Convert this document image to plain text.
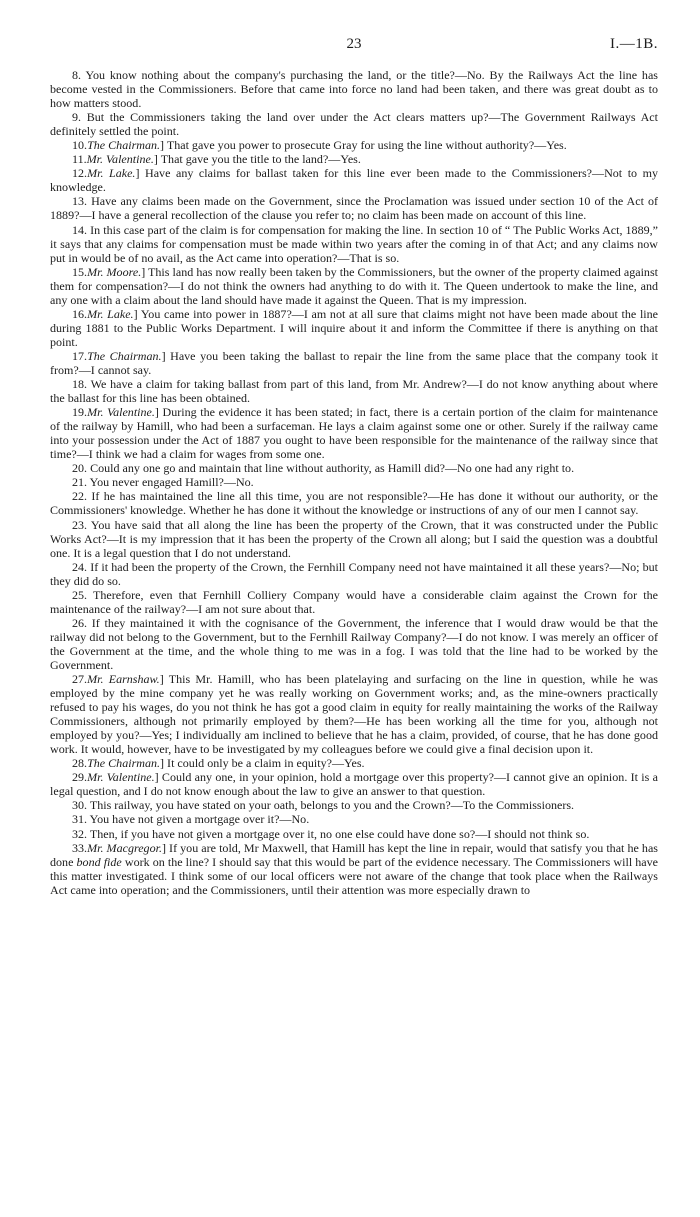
23	I.—1B.

8. You know nothing about the company's purchasing the land, or the title?—No. By the Railways Act the line has become vested in the Commissioners. Before that came into force no land had been taken, and there was great doubt as to how matters stood.

9. But the Commissioners taking the land over under the Act clears matters up?—The Government Railways Act definitely settled the point.

10.The Chairman.] That gave you power to prosecute Gray for using the line without authority?—Yes.

11.Mr. Valentine.] That gave you the title to the land?—Yes.

12.Mr. Lake.] Have any claims for ballast taken for this line ever been made to the Commissioners?—Not to my knowledge.

13. Have any claims been made on the Government, since the Proclamation was issued under section 10 of the Act of 1889?—I have a general recollection of the clause you refer to; no claim has been made on account of this line.

14. In this case part of the claim is for compensation for making the line. In section 10 of “ The Public Works Act, 1889,” it says that any claims for compensation must be made within two years after the coming in of that Act; and any claims now put in would be of no avail, as the Act came into operation?—That is so.

15.Mr. Moore.] This land has now really been taken by the Commissioners, but the owner of the property claimed against them for compensation?—I do not think the owners had anything to do with it. The Queen undertook to make the line, and any one with a claim about the land should have made it against the Queen. That is my impression.

16.Mr. Lake.] You came into power in 1887?—I am not at all sure that claims might not have been made about the line during 1881 to the Public Works Department. I will inquire about it and inform the Committee if there is anything on that point.

17.The Chairman.] Have you been taking the ballast to repair the line from the same place that the company took it from?—I cannot say.

18. We have a claim for taking ballast from part of this land, from Mr. Andrew?—I do not know anything about where the ballast for this line has been obtained.

19.Mr. Valentine.] During the evidence it has been stated; in fact, there is a certain portion of the claim for maintenance of the railway by Hamill, who had been a surfaceman. He lays a claim against some one or other. Surely if the railway came into your possession under the Act of 1887 you ought to have been responsible for the maintenance of the railway since that time?—I think we had a claim for wages from some one.

20. Could any one go and maintain that line without authority, as Hamill did?—No one had any right to.

21. You never engaged Hamill?—No.

22. If he has maintained the line all this time, you are not responsible?—He has done it without our authority, or the Commissioners' knowledge. Whether he has done it without the knowledge or instructions of any of our men I cannot say.

23. You have said that all along the line has been the property of the Crown, that it was constructed under the Public Works Act?—It is my impression that it has been the property of the Crown all along; but I said the question was a doubtful one. It is a legal question that I do not understand.

24. If it had been the property of the Crown, the Fernhill Company need not have maintained it all these years?—No; but they did do so.

25. Therefore, even that Fernhill Colliery Company would have a considerable claim against the Crown for the maintenance of the railway?—I am not sure about that.

26. If they maintained it with the cognisance of the Government, the inference that I would draw would be that the railway did not belong to the Government, but to the Fernhill Railway Company?—I do not know. I was merely an officer of the Government at the time, and the whole thing to me was in a fog. I was told that the line had to be worked by the Government.

27.Mr. Earnshaw.] This Mr. Hamill, who has been platelaying and surfacing on the line in question, while he was employed by the mine company yet he was really working on Government works; and, as the mine-owners practically refused to pay his wages, do you not think he has got a good claim in equity for really maintaining the works of the Railway Commissioners, although not primarily employed by them?—He has been working all the time for you, although not employed by you?—Yes; I individually am inclined to believe that he has a claim, provided, of course, that he has done good work. It would, however, have to be investigated by my colleagues before we could give a final decision upon it.

28.The Chairman.] It could only be a claim in equity?—Yes.

29.Mr. Valentine.] Could any one, in your opinion, hold a mortgage over this property?—I cannot give an opinion. It is a legal question, and I do not know enough about the law to give an answer to that question.

30. This railway, you have stated on your oath, belongs to you and the Crown?—To the Commissioners.

31. You have not given a mortgage over it?—No.

32. Then, if you have not given a mortgage over it, no one else could have done so?—I should not think so.

33.Mr. Macgregor.] If you are told, Mr Maxwell, that Hamill has kept the line in repair, would that satisfy you that he has done bond fide work on the line? I should say that this would be part of the evidence necessary. The Commissioners will have this matter investigated. I think some of our local officers were not aware of the change that took place when the Railways Act came into operation; and the Commissioners, until their attention was more especially drawn to
